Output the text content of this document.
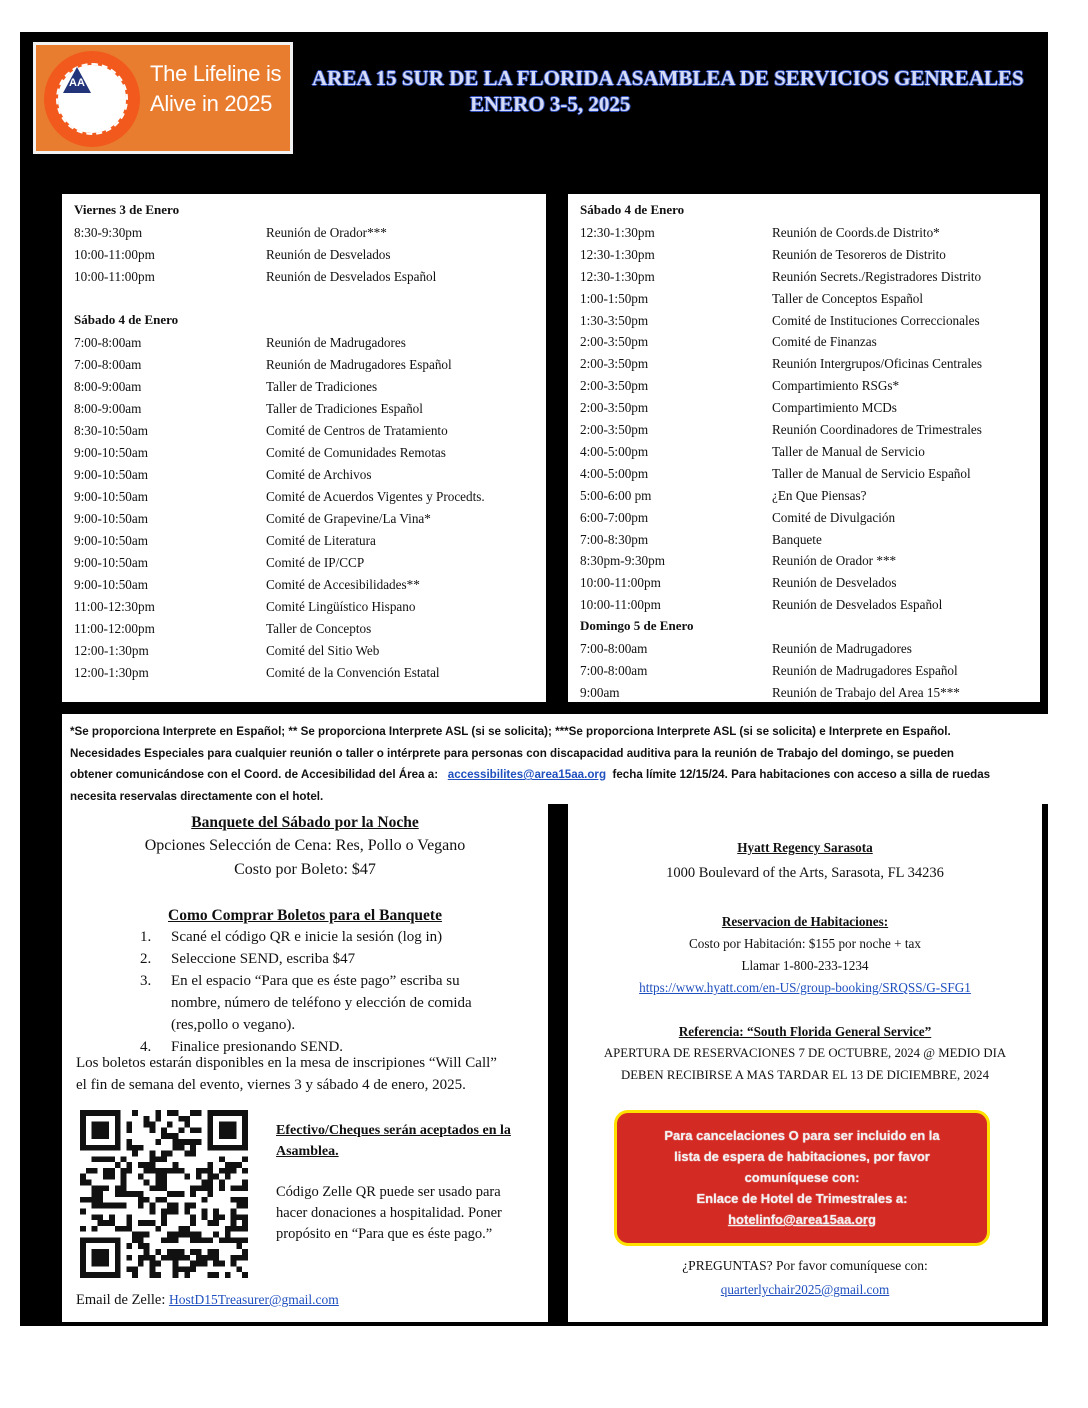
AA	The Lifeline is
Alive in 2025
AREA 15 SUR DE LA FLORIDA ASAMBLEA DE SERVICIOS GENREALES
ENERO 3-5, 2025
Viernes 3 de Enero
8:30-9:30pm	Reunión de Orador***
10:00-11:00pm	Reunión de Desvelados
10:00-11:00pm	Reunión de Desvelados Español
Sábado 4 de Enero
7:00-8:00am	Reunión de Madrugadores
7:00-8:00am	Reunión de Madrugadores Español
8:00-9:00am	Taller de Tradiciones
8:00-9:00am	Taller de Tradiciones Español
8:30-10:50am	Comité de Centros de Tratamiento
9:00-10:50am	Comité de Comunidades Remotas
9:00-10:50am	Comité de Archivos
9:00-10:50am	Comité de Acuerdos Vigentes y Procedts.
9:00-10:50am	Comité de Grapevine/La Vina*
9:00-10:50am	Comité de Literatura
9:00-10:50am	Comité de IP/CCP
9:00-10:50am	Comité de Accesibilidades**
11:00-12:30pm	Comité Lingüístico Hispano
11:00-12:00pm	Taller de Conceptos
12:00-1:30pm	Comité del Sitio Web
12:00-1:30pm	Comité de la Convención Estatal
Sábado 4 de Enero
12:30-1:30pm	Reunión de Coords.de Distrito*
12:30-1:30pm	Reunión de Tesoreros de Distrito
12:30-1:30pm	Reunión Secrets./Registradores Distrito
1:00-1:50pm	Taller de Conceptos Español
1:30-3:50pm	Comité de Instituciones Correccionales
2:00-3:50pm	Comité de Finanzas
2:00-3:50pm	Reunión Intergrupos/Oficinas Centrales
2:00-3:50pm	Compartimiento RSGs*
2:00-3:50pm	Compartimiento MCDs
2:00-3:50pm	Reunión Coordinadores de Trimestrales
4:00-5:00pm	Taller de Manual de Servicio
4:00-5:00pm	Taller de Manual de Servicio Español
5:00-6:00 pm	¿En Que Piensas?
6:00-7:00pm	Comité de Divulgación
7:00-8:30pm	Banquete
8:30pm-9:30pm	Reunión de Orador ***
10:00-11:00pm	Reunión de Desvelados
10:00-11:00pm	Reunión de Desvelados Español
Domingo 5 de Enero
7:00-8:00am	Reunión de Madrugadores
7:00-8:00am	Reunión de Madrugadores Español
9:00am	Reunión de Trabajo del Area 15***
*Se proporciona Interprete en Español; ** Se proporciona Interprete ASL (si se solicita); ***Se proporciona Interprete ASL (si se solicita) e Interprete en Español.
Necesidades Especiales para cualquier reunión o taller o intérprete para personas con discapacidad auditiva para la reunión de Trabajo del domingo, se pueden
obtener comunicándose con el Coord. de Accesibilidad del Área a: accessibilites@area15aa.org fecha límite 12/15/24. Para habitaciones con acceso a silla de ruedas
necesita reservalas directamente con el hotel.
Banquete del Sábado por la Noche
Opciones Selección de Cena: Res, Pollo o Vegano
Costo por Boleto: $47
Como Comprar Boletos para el Banquete
1. Scané el código QR e inicie la sesión (log in)
2. Seleccione SEND, escriba $47
3. En el espacio “Para que es éste pago” escriba su
nombre, número de teléfono y elección de comida
(res,pollo o vegano).
4. Finalice presionando SEND.
Los boletos estarán disponibles en la mesa de inscripiones “Will Call”
el fin de semana del evento, viernes 3 y sábado 4 de enero, 2025.
Efectivo/Cheques serán aceptados en la
Asamblea.
Código Zelle QR puede ser usado para
hacer donaciones a hospitalidad. Poner
propósito en “Para que es éste pago.”
Email de Zelle: HostD15Treasurer@gmail.com
Hyatt Regency Sarasota
1000 Boulevard of the Arts, Sarasota, FL 34236
Reservacion de Habitaciones:
Costo por Habitación: $155 por noche + tax
Llamar 1-800-233-1234
https://www.hyatt.com/en-US/group-booking/SRQSS/G-SFG1
Referencia: “South Florida General Service”
APERTURA DE RESERVACIONES 7 DE OCTUBRE, 2024 @ MEDIO DIA
DEBEN RECIBIRSE A MAS TARDAR EL 13 DE DICIEMBRE, 2024
¿PREGUNTAS? Por favor comuníquese con:
quarterlychair2025@gmail.com
Para cancelaciones O para ser incluido en la
lista de espera de habitaciones, por favor
comuníquese con:
Enlace de Hotel de Trimestrales a:
hotelinfo@area15aa.org
